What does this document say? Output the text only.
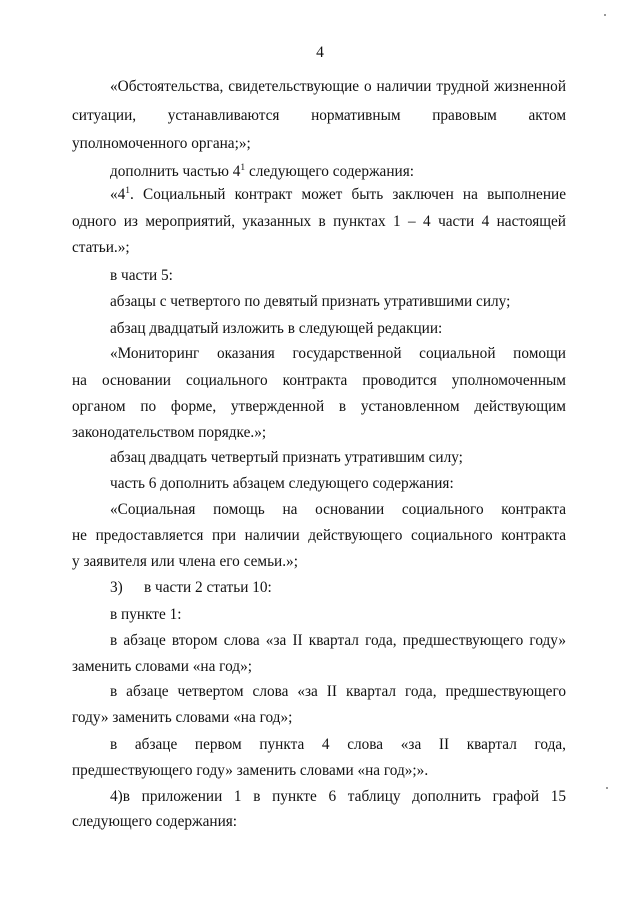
4
«Обстоятельства, свидетельствующие о наличии трудной жизненной
ситуации, устанавливаются нормативным правовым актом
уполномоченного органа;»;
дополнить частью $4^1$ следующего содержания:
«$4^1$. Социальный контракт может быть заключен на выполнение
одного из мероприятий, указанных в пунктах 1 – 4 части 4 настоящей
статьи.»;
в части 5:
абзацы с четвертого по девятый признать утратившими силу;
абзац двадцатый изложить в следующей редакции:
«Мониторинг оказания государственной социальной помощи
на основании социального контракта проводится уполномоченным
органом по форме, утвержденной в установленном действующим
законодательством порядке.»;
абзац двадцать четвертый признать утратившим силу;
часть 6 дополнить абзацем следующего содержания:
«Социальная помощь на основании социального контракта
не предоставляется при наличии действующего социального контракта
у заявителя или члена его семьи.»;
3) в части 2 статьи 10:
в пункте 1:
в абзаце втором слова «за II квартал года, предшествующего году»
заменить словами «на год»;
в абзаце четвертом слова «за II квартал года, предшествующего
году» заменить словами «на год»;
в абзаце первом пункта 4 слова «за II квартал года,
предшествующего году» заменить словами «на год»;».
4)в приложении 1 в пункте 6 таблицу дополнить графой 15
следующего содержания:
